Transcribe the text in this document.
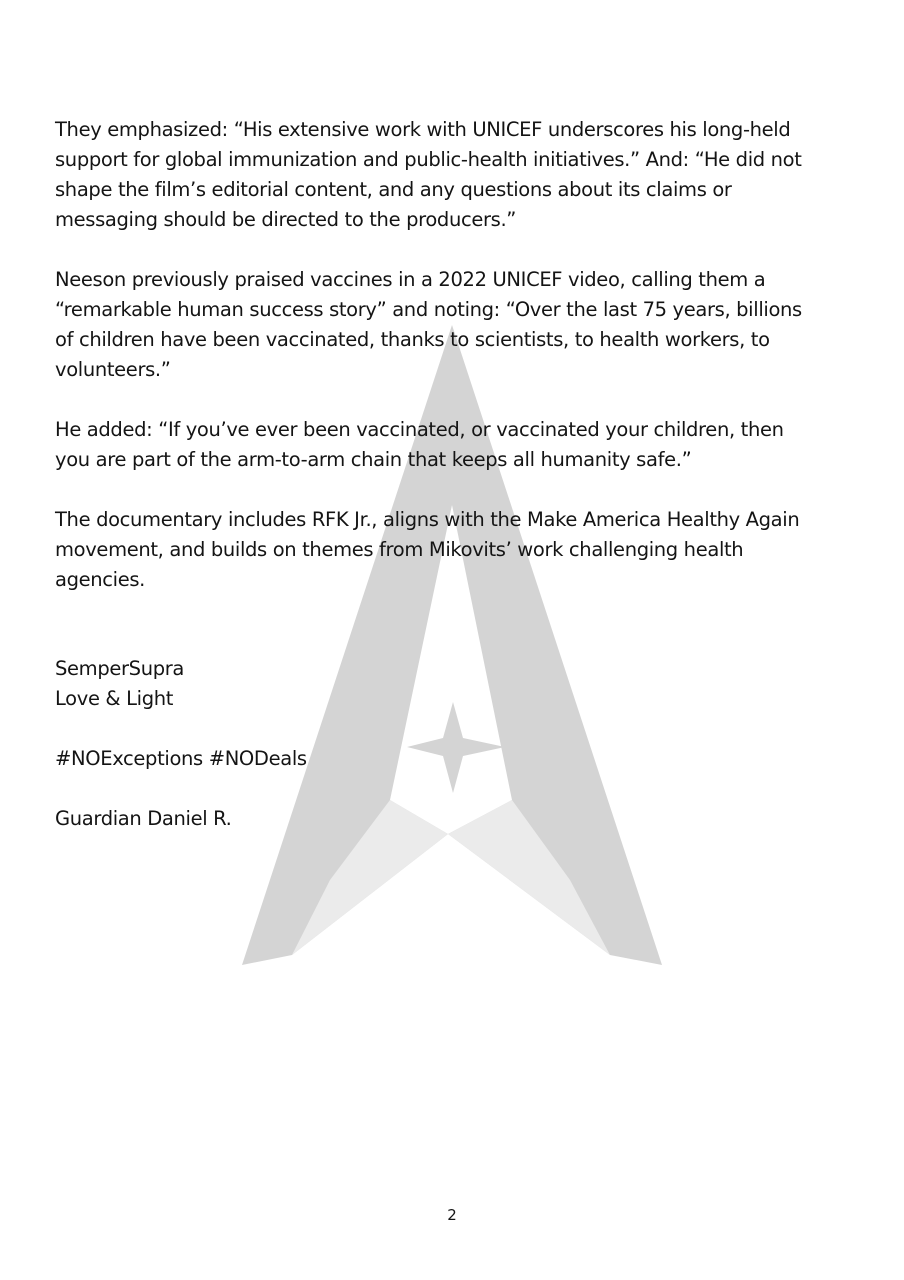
They emphasized: “His extensive work with UNICEF underscores his long-held
support for global immunization and public-health initiatives.” And: “He did not
shape the film’s editorial content, and any questions about its claims or
messaging should be directed to the producers.”

Neeson previously praised vaccines in a 2022 UNICEF video, calling them a
“remarkable human success story” and noting: “Over the last 75 years, billions
of children have been vaccinated, thanks to scientists, to health workers, to
volunteers.”

He added: “If you’ve ever been vaccinated, or vaccinated your children, then
you are part of the arm-to-arm chain that keeps all humanity safe.”

The documentary includes RFK Jr., aligns with the Make America Healthy Again
movement, and builds on themes from Mikovits’ work challenging health
agencies.

SemperSupra

Love & Light

#NOExceptions #NODeals

Guardian Daniel R.

2
